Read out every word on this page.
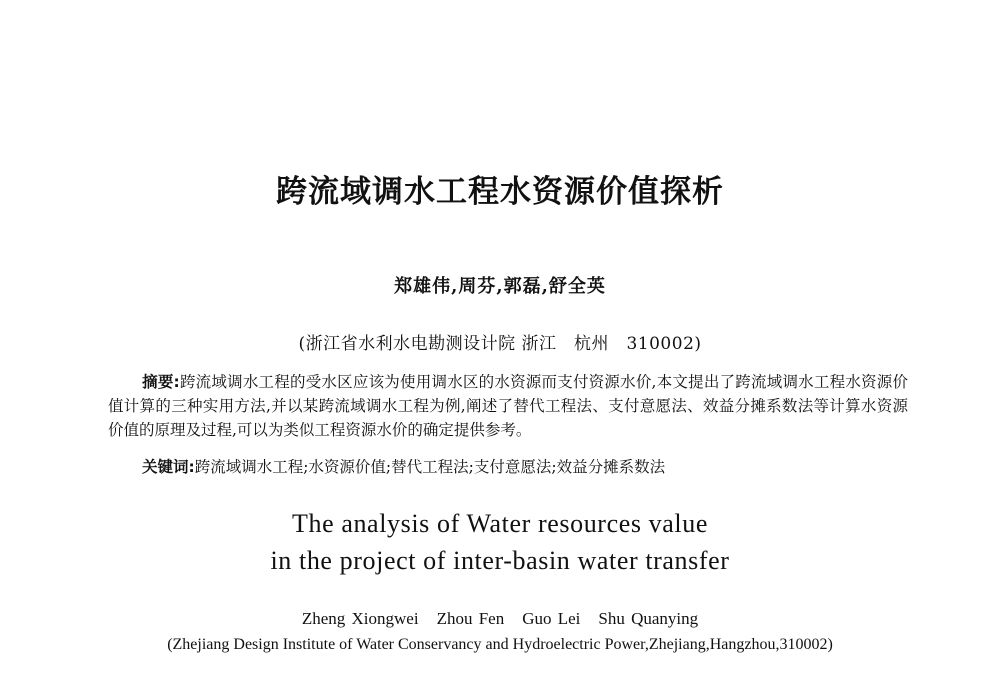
跨流域调水工程水资源价值探析
郑雄伟,周芬,郭磊,舒全英
(浙江省水利水电勘测设计院 浙江　杭州　310002)
摘要:跨流域调水工程的受水区应该为使用调水区的水资源而支付资源水价,本文提出了跨流域调水工程水资源价值计算的三种实用方法,并以某跨流域调水工程为例,阐述了替代工程法、支付意愿法、效益分摊系数法等计算水资源价值的原理及过程,可以为类似工程资源水价的确定提供参考。
关键词:跨流域调水工程;水资源价值;替代工程法;支付意愿法;效益分摊系数法
The analysis of Water resources value
in the project of inter-basin water transfer
Zheng Xiongwei Zhou Fen Guo Lei Shu Quanying
(Zhejiang Design Institute of Water Conservancy and Hydroelectric Power,Zhejiang,Hangzhou,310002)
